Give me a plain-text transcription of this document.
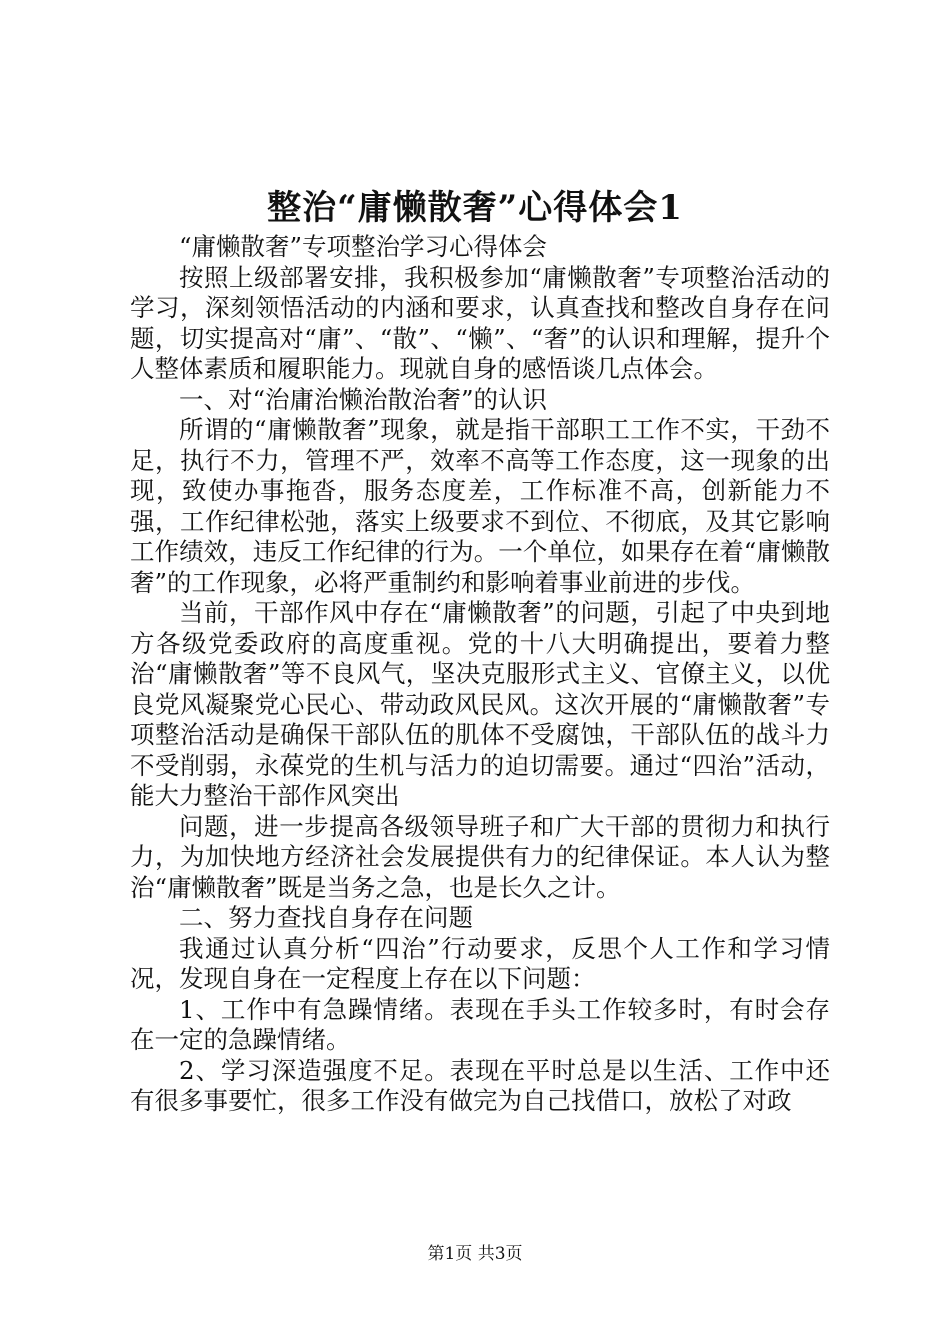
整治“庸懒散奢”心得体会1

“庸懒散奢”专项整治学习心得体会

按照上级部署安排，我积极参加“庸懒散奢”专项整治活动的学习，深刻领悟活动的内涵和要求，认真查找和整改自身存在问题，切实提高对“庸”、“散”、“懒”、“奢”的认识和理解，提升个人整体素质和履职能力。现就自身的感悟谈几点体会。

一、对“治庸治懒治散治奢”的认识

所谓的“庸懒散奢”现象，就是指干部职工工作不实，干劲不足，执行不力，管理不严，效率不高等工作态度，这一现象的出现，致使办事拖沓，服务态度差，工作标准不高，创新能力不强，工作纪律松弛，落实上级要求不到位、不彻底，及其它影响工作绩效，违反工作纪律的行为。一个单位，如果存在着“庸懒散奢”的工作现象，必将严重制约和影响着事业前进的步伐。

当前，干部作风中存在“庸懒散奢”的问题，引起了中央到地方各级党委政府的高度重视。党的十八大明确提出，要着力整治“庸懒散奢”等不良风气，坚决克服形式主义、官僚主义，以优良党风凝聚党心民心、带动政风民风。这次开展的“庸懒散奢”专项整治活动是确保干部队伍的肌体不受腐蚀，干部队伍的战斗力不受削弱，永葆党的生机与活力的迫切需要。通过“四治”活动，能大力整治干部作风突出

问题，进一步提高各级领导班子和广大干部的贯彻力和执行力，为加快地方经济社会发展提供有力的纪律保证。本人认为整治“庸懒散奢”既是当务之急，也是长久之计。

二、努力查找自身存在问题

我通过认真分析“四治”行动要求，反思个人工作和学习情况，发现自身在一定程度上存在以下问题：

1、工作中有急躁情绪。表现在手头工作较多时，有时会存在一定的急躁情绪。

2、学习深造强度不足。表现在平时总是以生活、工作中还有很多事要忙，很多工作没有做完为自己找借口，放松了对政

第1页 共3页
